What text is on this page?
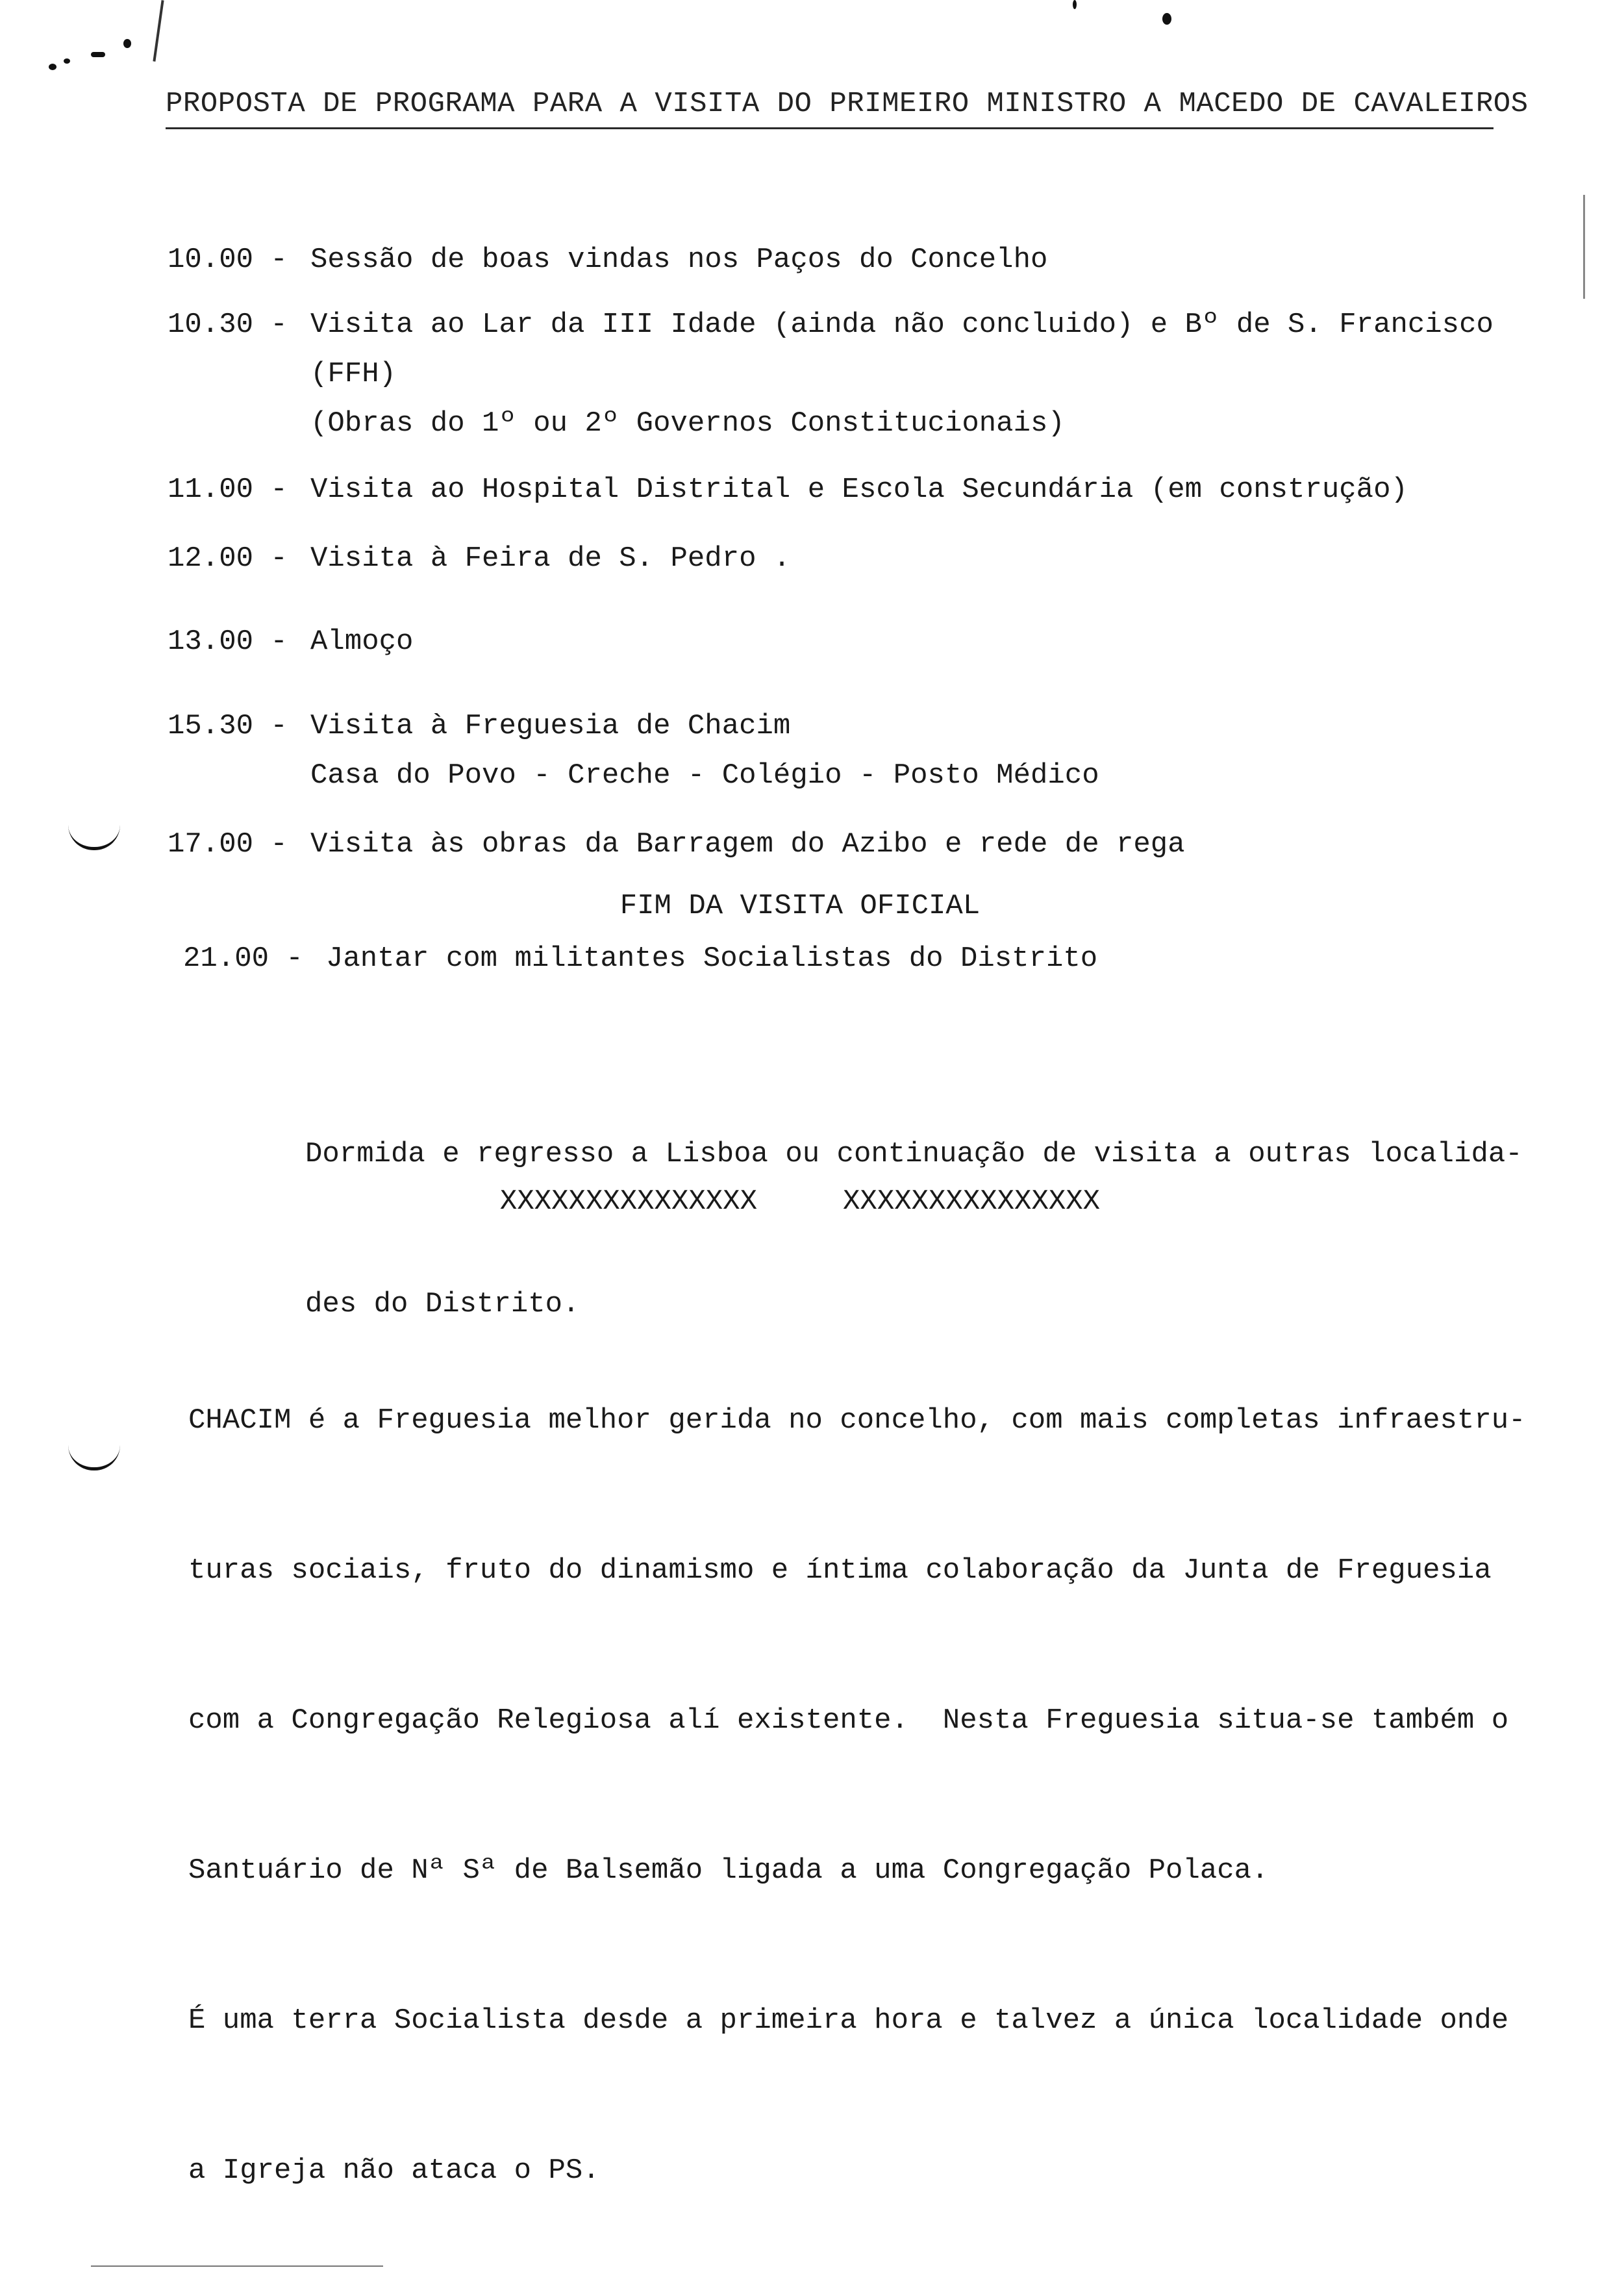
PROPOSTA DE PROGRAMA PARA A VISITA DO PRIMEIRO MINISTRO A MACEDO DE CAVALEIROS
10.00 - Sessão de boas vindas nos Paços do Concelho
10.30 - Visita ao Lar da III Idade (ainda não concluido) e Bº de S. Francisco
(FFH)
(Obras do 1º ou 2º Governos Constitucionais)
11.00 - Visita ao Hospital Distrital e Escola Secundária (em construção)
12.00 - Visita à Feira de S. Pedro .
13.00 - Almoço
15.30 - Visita à Freguesia de Chacim
Casa do Povo - Creche - Colégio - Posto Médico
17.00 - Visita às obras da Barragem do Azibo e rede de rega
FIM DA VISITA OFICIAL
21.00 - Jantar com militantes Socialistas do Distrito

Dormida e regresso a Lisboa ou continuação de visita a outras localida-

des do Distrito.

XXXXXXXXXXXXXXX     XXXXXXXXXXXXXXX

CHACIM é a Freguesia melhor gerida no concelho, com mais completas infraestru-

turas sociais, fruto do dinamismo e íntima colaboração da Junta de Freguesia

com a Congregação Relegiosa alí existente.  Nesta Freguesia situa-se também o

Santuário de Nª Sª de Balsemão ligada a uma Congregação Polaca.

É uma terra Socialista desde a primeira hora e talvez a única localidade onde

a Igreja não ataca o PS.
